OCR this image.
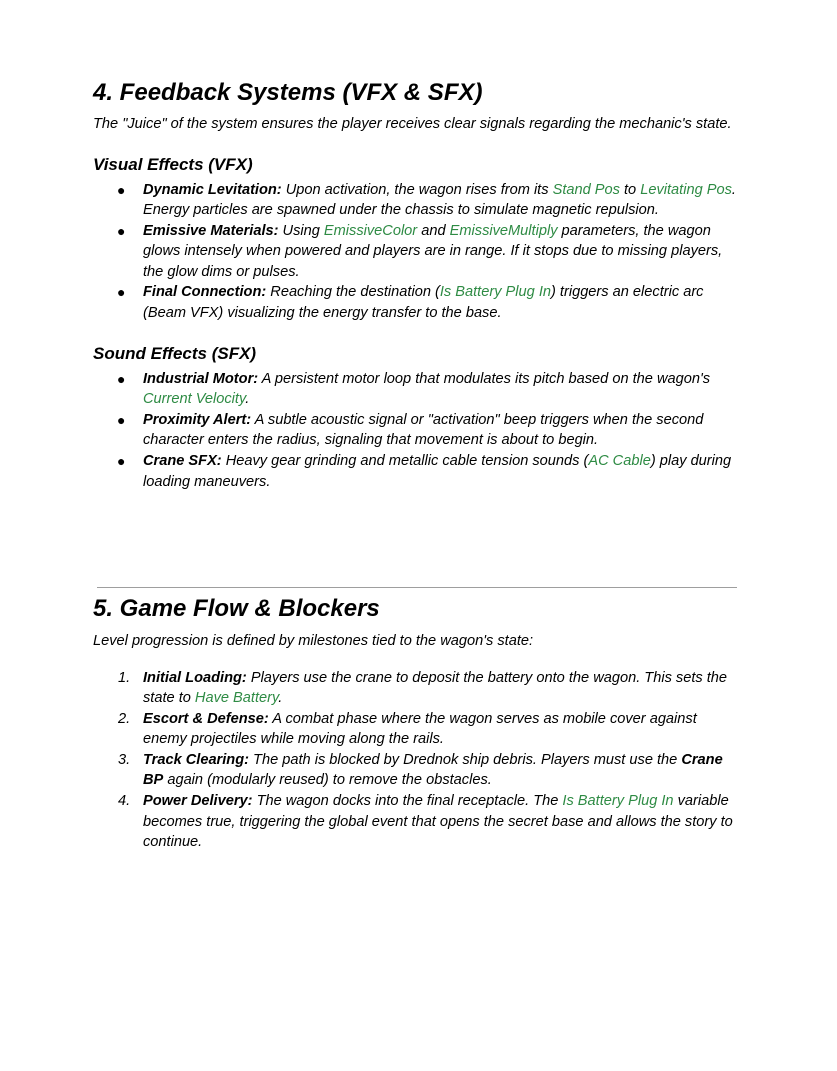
4. Feedback Systems (VFX & SFX)

The "Juice" of the system ensures the player receives clear signals regarding the mechanic's state.

Visual Effects (VFX)
● Dynamic Levitation: Upon activation, the wagon rises from its Stand Pos to Levitating Pos. Energy particles are spawned under the chassis to simulate magnetic repulsion.
● Emissive Materials: Using EmissiveColor and EmissiveMultiply parameters, the wagon glows intensely when powered and players are in range. If it stops due to missing players, the glow dims or pulses.
● Final Connection: Reaching the destination (Is Battery Plug In) triggers an electric arc (Beam VFX) visualizing the energy transfer to the base.
Sound Effects (SFX)
● Industrial Motor: A persistent motor loop that modulates its pitch based on the wagon's Current Velocity.
● Proximity Alert: A subtle acoustic signal or "activation" beep triggers when the second character enters the radius, signaling that movement is about to begin.
● Crane SFX: Heavy gear grinding and metallic cable tension sounds (AC Cable) play during loading maneuvers.
5. Game Flow & Blockers

Level progression is defined by milestones tied to the wagon's state:

1. Initial Loading: Players use the crane to deposit the battery onto the wagon. This sets the state to Have Battery.
2. Escort & Defense: A combat phase where the wagon serves as mobile cover against enemy projectiles while moving along the rails.
3. Track Clearing: The path is blocked by Drednok ship debris. Players must use the Crane BP again (modularly reused) to remove the obstacles.
4. Power Delivery: The wagon docks into the final receptacle. The Is Battery Plug In variable becomes true, triggering the global event that opens the secret base and allows the story to continue.
